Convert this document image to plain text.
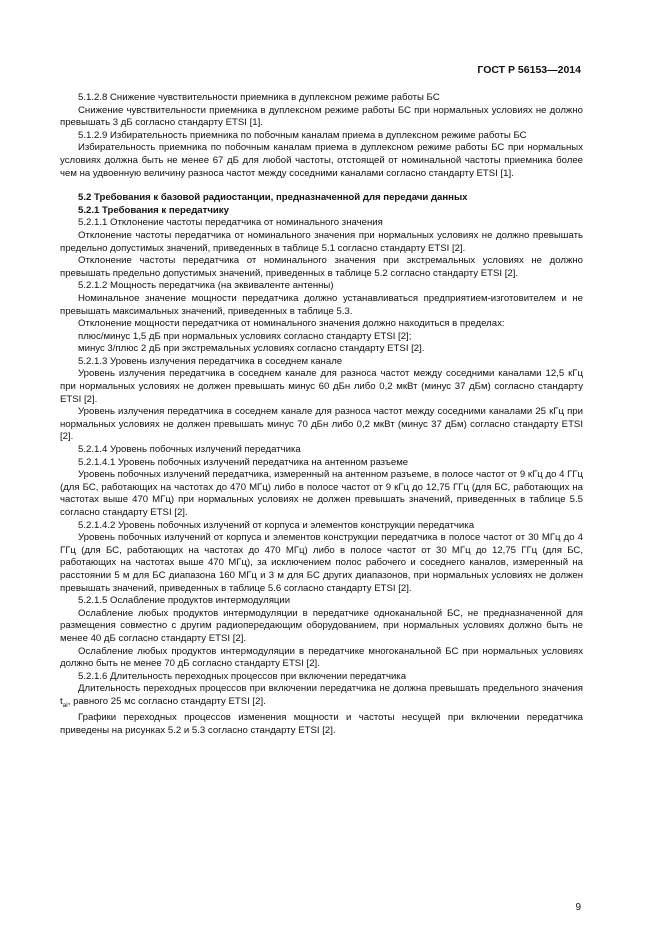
ГОСТ Р 56153—2014

5.1.2.8 Снижение чувствительности приемника в дуплексном режиме работы БС

Снижение чувствительности приемника в дуплексном режиме работы БС при нормальных условиях не должно превышать 3 дБ согласно стандарту ETSI [1].

5.1.2.9 Избирательность приемника по побочным каналам приема в дуплексном режиме работы БС

Избирательность приемника по побочным каналам приема в дуплексном режиме работы БС при нормальных условиях должна быть не менее 67 дБ для любой частоты, отстоящей от номинальной частоты приемника более чем на удвоенную величину разноса частот между соседними каналами согласно стандарту ETSI [1].

5.2 Требования к базовой радиостанции, предназначенной для передачи данных

5.2.1 Требования к передатчику

5.2.1.1 Отклонение частоты передатчика от номинального значения

Отклонение частоты передатчика от номинального значения при нормальных условиях не должно превышать предельно допустимых значений, приведенных в таблице 5.1 согласно стандарту ETSI [2].

Отклонение частоты передатчика от номинального значения при экстремальных условиях не должно превышать предельно допустимых значений, приведенных в таблице 5.2 согласно стандарту ETSI [2].

5.2.1.2 Мощность передатчика (на эквиваленте антенны)

Номинальное значение мощности передатчика должно устанавливаться предприятием-изготовителем и не превышать максимальных значений, приведенных в таблице 5.3.

Отклонение мощности передатчика от номинального значения должно находиться в пределах:

плюс/минус 1,5 дБ при нормальных условиях согласно стандарту ETSI [2];

минус 3/плюс 2 дБ при экстремальных условиях согласно стандарту ETSI [2].

5.2.1.3 Уровень излучения передатчика в соседнем канале

Уровень излучения передатчика в соседнем канале для разноса частот между соседними каналами 12,5 кГц при нормальных условиях не должен превышать минус 60 дБн либо 0,2 мкВт (минус 37 дБм) согласно стандарту ETSI [2].

Уровень излучения передатчика в соседнем канале для разноса частот между соседними каналами 25 кГц при нормальных условиях не должен превышать минус 70 дБн либо 0,2 мкВт (минус 37 дБм) согласно стандарту ETSI [2].

5.2.1.4 Уровень побочных излучений передатчика

5.2.1.4.1 Уровень побочных излучений передатчика на антенном разъеме

Уровень побочных излучений передатчика, измеренный на антенном разъеме, в полосе частот от 9 кГц до 4 ГГц (для БС, работающих на частотах до 470 МГц) либо в полосе частот от 9 кГц до 12,75 ГГц (для БС, работающих на частотах выше 470 МГц) при нормальных условиях не должен превышать значений, приведенных в таблице 5.5 согласно стандарту ETSI [2].

5.2.1.4.2 Уровень побочных излучений от корпуса и элементов конструкции передатчика

Уровень побочных излучений от корпуса и элементов конструкции передатчика в полосе частот от 30 МГц до 4 ГГц (для БС, работающих на частотах до 470 МГц) либо в полосе частот от 30 МГц до 12,75 ГГц (для БС, работающих на частотах выше 470 МГц), за исключением полос рабочего и соседнего каналов, измеренный на расстоянии 5 м для БС диапазона 160 МГц и 3 м для БС других диапазонов, при нормальных условиях не должен превышать значений, приведенных в таблице 5.6 согласно стандарту ETSI [2].

5.2.1.5 Ослабление продуктов интермодуляции

Ослабление любых продуктов интермодуляции в передатчике одноканальной БС, не предназначенной для размещения совместно с другим радиопередающим оборудованием, при нормальных условиях должно быть не менее 40 дБ согласно стандарту ETSI [2].

Ослабление любых продуктов интермодуляции в передатчике многоканальной БС при нормальных условиях должно быть не менее 70 дБ согласно стандарту ETSI [2].

5.2.1.6 Длительность переходных процессов при включении передатчика

Длительность переходных процессов при включении передатчика не должна превышать предельного значения $t_{al}$, равного 25 мс согласно стандарту ETSI [2].

Графики переходных процессов изменения мощности и частоты несущей при включении передатчика приведены на рисунках 5.2 и 5.3 согласно стандарту ETSI [2].

9
